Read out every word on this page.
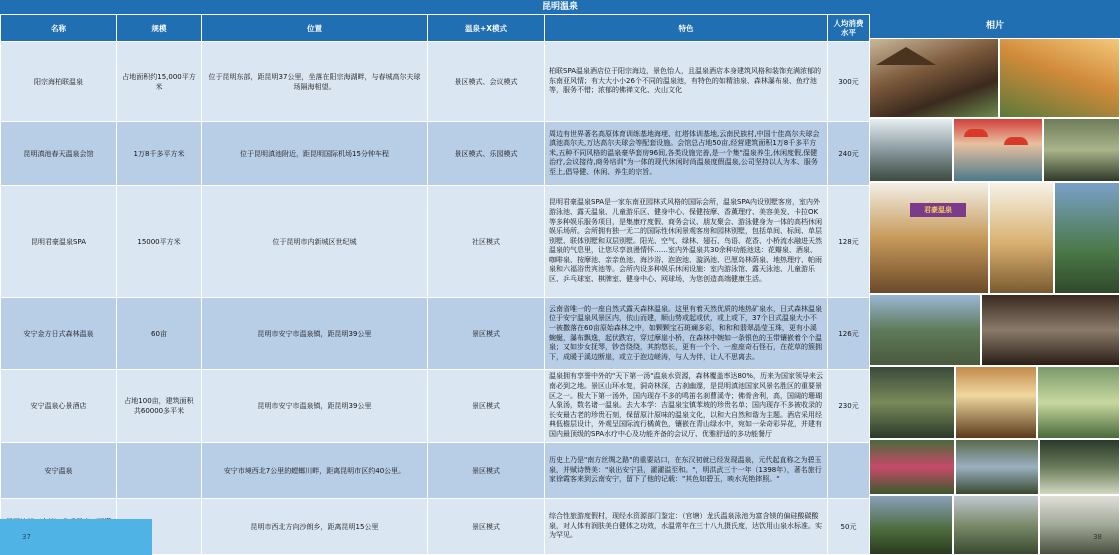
昆明温泉
名称	规模	位置	温泉+X模式	特色	人均消费水平
阳宗海柏联温泉	占地面积约15,000平方米	位于昆明东部，距昆明37公里，坐落在阳宗海湖畔，与春城高尔夫球场隔海相望。	景区模式、会议模式	柏联SPA温泉酒店位于阳宗海边，景色怡人，且温泉酒店本身建筑风格和装饰充满浓郁的东南亚风情；有大大小小26个不同的温泉池，有特色的如精油泉、森林瀑布泉、鱼疗池等，服务不错；浓郁的佛禅文化、火山文化	300元
昆明滇池春天温泉会馆	1万8千多平方米	位于昆明滇池附近，距昆明国际机场15分钟车程	景区模式、乐园模式	周边有世界著名高原体育训练基地海埂、红塔体训基地,云南民族村,中国十佳高尔夫球会滇池高尔夫,万达高尔夫球会等配套设施。会馆总占地50亩,经营建筑面积1万8千多平方米,五种不同风格的温泉豪华套房96间,各类设施完善,是一个集"温泉养生,休闲度假,保健治疗,会议接待,商务培训"为一体的现代休闲时尚温泉度假温泉,公司坚持以人为本、服务至上,倡导健、休闲、养生的宗旨。	240元
昆明君豪温泉SPA	15000平方米	位于昆明市内新城区世纪城	社区模式	昆明君豪温泉SPA是一家东南亚园林式风格的国际会所，温泉SPA内设别墅客房，室内外游泳池、露天温泉、儿童游乐区、健身中心、保健按摩、香薰理疗、美容美发、卡拉OK等多种娱乐服务项目，是集康疗度假、商务会议、朋友聚会、游泳健身为一体的高档休闲娱乐场所。会所拥有独一无二的国际性休闲景观客房和园林别墅，包括单间、标间、单层别墅、联体别墅和双层别墅。阳光、空气、绿林、翅石、鸟语、花香、小桥流水融进天然温泉的气息里，让您尽享浪漫情怀……室内外温泉共30余种功能池选：花瓣泉、酒泉、咖啡泉、按摩池、亲亲鱼池、海沙浴、泡泡池、漩涡池、巴厘岛林荫泉、地热理疗、帕雨泉和六福浴贵宾池等。会所内设多种娱乐休闲设施：室内游泳馆、露天泳池、儿童游乐区、乒乓球室、棋牌室、健身中心、网球场，为您创造高端健康生活。	128元
安宁金方日式森林温泉	60亩	昆明市安宁市温泉镇，距昆明39公里	景区模式	云南省唯一的一座自然式露天森林温泉。这里有着天然优质的地热矿泉水，日式森林温泉位于安宁温泉风景区内，依山而建，顺山势或起或伏，或上或下，37个日式温泉大小不一被撒落在60亩原始森林之中，如颗颗宝石斑斓多彩，和和和翡翠晶莹玉珠，更有小溪蜿蜒，瀑布飘逸，起伏跌宕，穿过摩崖小桥，在森林中婉如一条银色的玉带镶嵌着个个温泉；又如步女抚琴，钞音绕绕，其韵悠长，更有一个个、一座座奇石怪石，在花草的簇拥下，成暖于溪边断崖，或立于泡边嵯涛，与人为伴，让人不思离去。	126元
安宁温泉心景酒店	占地100亩，建筑面积共60000多平米	昆明市安宁市温泉镇，距昆明39公里	景区模式	温泉拥有享誉中外的"天下第一汤"温泉水资源，森林覆盖率达80%，历来为国家领导来云南必到之地。景区山环水复，洞奇林深，古刹幽邃，是昆明滇池国家风景名胜区的重要景区之一。极大下第一汤外，国内现存不多的鸣笛名刹曹溪寺；佛骨舍利，高，国阔的珊瑚人象汤，数名诸一温泉。去大本学：吉温泉宝镇苯坡的珍贵名单；国内现存不多被收录的长安最古老的珍贵石刻，保留原汁原味的温泉文化，以和大自然和谐为主题。酒店采用经典低檐层设计，外观呈国际流行橘黄色，镶嵌在青山绿水中，宛如一朵奇彩异花，并建有国内最顶级的SPA水疗中心及功能齐备的会议厅、优雅舒适的多功能餐厅	230元
安宁温泉		安宁市境西北7公里的螳螂川畔，距离昆明市区约40公里。	景区模式	历史上乃是"南方丝绸之路"的重要站口，在东汉初就已经发现温泉，元代起直称之为碧玉泉，并赋诗赞美："泉出安宁县，濯濯溢至和。"，明洪武三十一年（1398年），著名旅行家徐霞客来到云南安宁，留下了他的记载："其色如碧玉，映水光艳摔照。"	
		昆明市西北方向沙朗乡，距离昆明15公里	景区模式	综合性旅游度假村，现经水资源部门鉴定：（官塘）龙氏温泉泳池为富含镁的偏硅酸碳酸泉，对人体有润肤美白健体之功效，水温常年在三十八九摄氏度，达饮用山泉水标准。实为罕见。	50元
相片
君豪温泉
37	38
